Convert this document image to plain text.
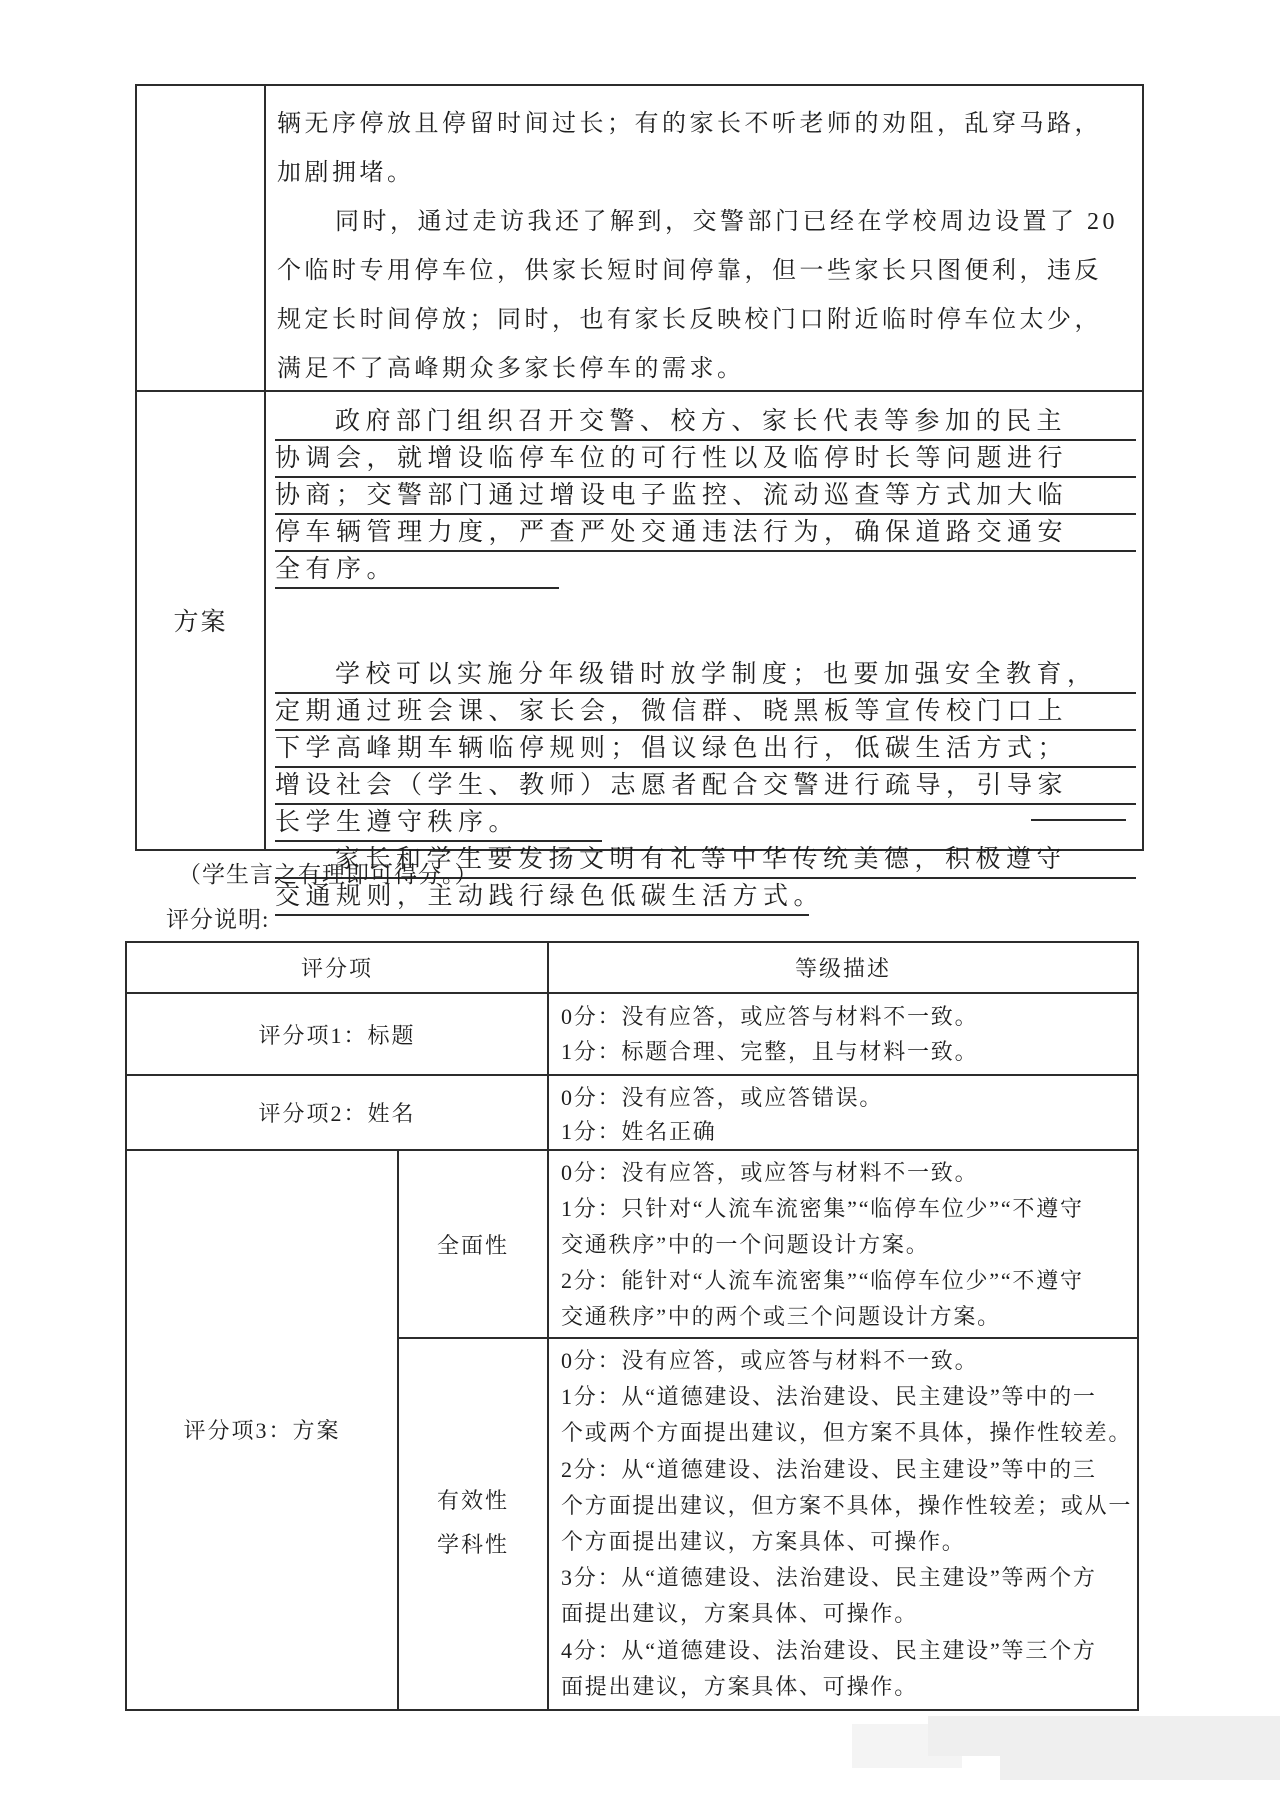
辆无序停放且停留时间过长；有的家长不听老师的劝阻，乱穿马路，
加剧拥堵。
同时，通过走访我还了解到，交警部门已经在学校周边设置了 20
个临时专用停车位，供家长短时间停靠，但一些家长只图便利，违反
规定长时间停放；同时，也有家长反映校门口附近临时停车位太少，
满足不了高峰期众多家长停车的需求。
方案
政府部门组织召开交警、校方、家长代表等参加的民主
协调会，就增设临停车位的可行性以及临停时长等问题进行
协商；交警部门通过增设电子监控、流动巡查等方式加大临
停车辆管理力度，严查严处交通违法行为，确保道路交通安
全有序。
学校可以实施分年级错时放学制度；也要加强安全教育，
定期通过班会课、家长会，微信群、晓黑板等宣传校门口上
下学高峰期车辆临停规则；倡议绿色出行，低碳生活方式；
增设社会（学生、教师）志愿者配合交警进行疏导，引导家
长学生遵守秩序。
家长和学生要发扬文明有礼等中华传统美德，积极遵守
交通规则，主动践行绿色低碳生活方式。
（学生言之有理即可得分。）
评分说明:
评分项	等级描述
评分项1：标题
0分：没有应答，或应答与材料不一致。
1分：标题合理、完整，且与材料一致。
评分项2：姓名
0分：没有应答，或应答错误。
1分：姓名正确
评分项3：方案
全面性
0分：没有应答，或应答与材料不一致。
1分：只针对“人流车流密集”“临停车位少”“不遵守
交通秩序”中的一个问题设计方案。
2分：能针对“人流车流密集”“临停车位少”“不遵守
交通秩序”中的两个或三个问题设计方案。
有效性
学科性
0分：没有应答，或应答与材料不一致。
1分：从“道德建设、法治建设、民主建设”等中的一
个或两个方面提出建议，但方案不具体，操作性较差。
2分：从“道德建设、法治建设、民主建设”等中的三
个方面提出建议，但方案不具体，操作性较差；或从一
个方面提出建议，方案具体、可操作。
3分：从“道德建设、法治建设、民主建设”等两个方
面提出建议，方案具体、可操作。
4分：从“道德建设、法治建设、民主建设”等三个方
面提出建议，方案具体、可操作。
